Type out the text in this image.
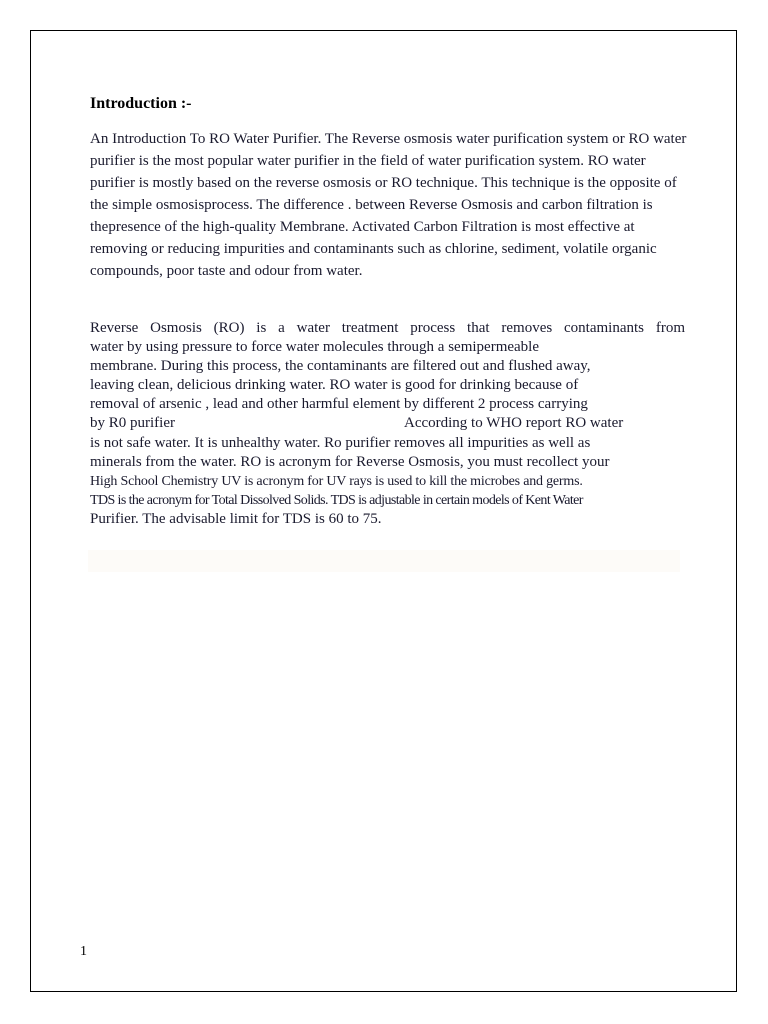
Introduction :-

An Introduction To RO Water Purifier. The Reverse osmosis water purification system or RO water purifier is the most popular water purifier in the field of water purification system. RO water purifier is mostly based on the reverse osmosis or RO technique. This technique is the opposite of the simple osmosisprocess. The difference . between Reverse Osmosis and carbon filtration is thepresence of the high-quality Membrane. Activated Carbon Filtration is most effective at removing or reducing impurities and contaminants such as chlorine, sediment, volatile organic compounds, poor taste and odour from water.

Reverse Osmosis (RO) is a water treatment process that removes contaminants from
water by using pressure to force water molecules through a semipermeable
membrane. During this process, the contaminants are filtered out and flushed away,
leaving clean, delicious drinking water. RO water is good for drinking because of
removal of arsenic , lead and other harmful element by different 2 process carrying
by R0 purifier	According to WHO report RO water
is not safe water. It is unhealthy water. Ro purifier removes all impurities as well as
minerals from the water. RO is acronym for Reverse Osmosis, you must recollect your
High School Chemistry UV is acronym for UV rays is used to kill the microbes and germs.
TDS is the acronym for Total Dissolved Solids. TDS is adjustable in certain models of Kent Water
Purifier. The advisable limit for TDS is 60 to 75.
1
